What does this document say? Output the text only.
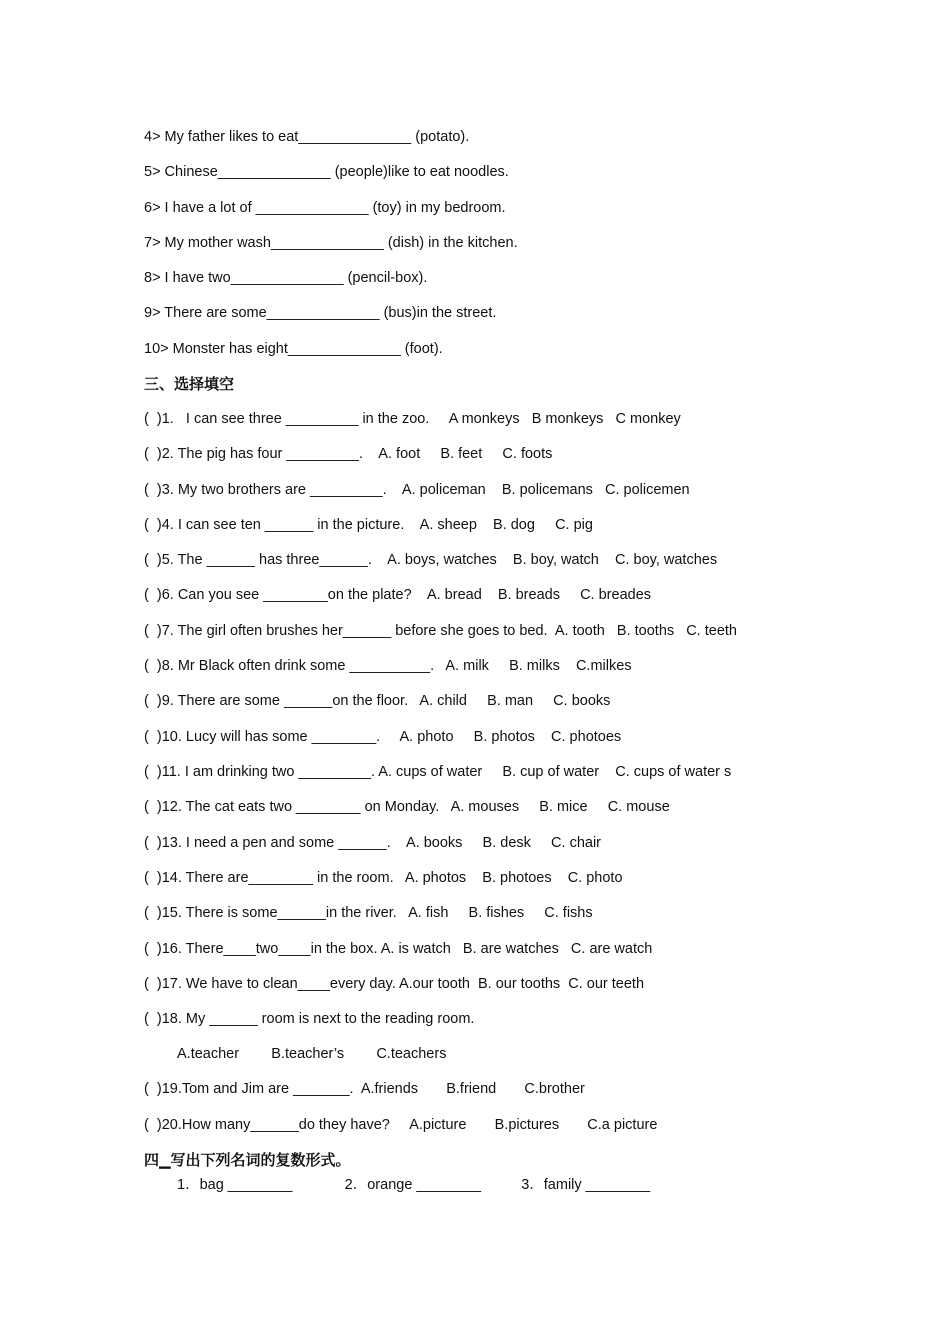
4> My father likes to eat______________ (potato).
5> Chinese______________ (people)like to eat noodles.
6> I have a lot of ______________ (toy) in my bedroom.
7> My mother wash______________ (dish) in the kitchen.
8> I have two______________ (pencil-box).
9> There are some______________ (bus)in the street.
10> Monster has eight______________ (foot).
三、选择填空
(  )1.   I can see three _________ in the zoo.     A monkeys   B monkeys   C monkey
(  )2. The pig has four _________.    A. foot     B. feet     C. foots
(  )3. My two brothers are _________.    A. policeman    B. policemans   C. policemen
(  )4. I can see ten ______ in the picture.    A. sheep    B. dog     C. pig
(  )5. The ______ has three______.    A. boys, watches    B. boy, watch    C. boy, watches
(  )6. Can you see ________on the plate?    A. bread    B. breads     C. breades
(  )7. The girl often brushes her______ before she goes to bed.  A. tooth   B. tooths   C. teeth
(  )8. Mr Black often drink some __________.   A. milk     B. milks    C.milkes
(  )9. There are some ______on the floor.   A. child     B. man     C. books
(  )10. Lucy will has some ________.     A. photo     B. photos    C. photoes
(  )11. I am drinking two _________. A. cups of water     B. cup of water    C. cups of water s
(  )12. The cat eats two ________ on Monday.   A. mouses     B. mice     C. mouse
(  )13. I need a pen and some ______.    A. books     B. desk     C. chair
(  )14. There are________ in the room.   A. photos    B. photoes    C. photo
(  )15. There is some______in the river.   A. fish     B. fishes     C. fishs
(  )16. There____two____in the box. A. is watch   B. are watches   C. are watch
(  )17. We have to clean____every day. A.our tooth  B. our tooths  C. our teeth
(  )18. My ______ room is next to the reading room.
A.teacher        B.teacher’s        C.teachers
(  )19.Tom and Jim are _______.  A.friends       B.friend       C.brother
(  )20.How many______do they have?     A.picture       B.pictures       C.a picture
四▁写出下列名词的复数形式。
1．bag ________             2．orange ________          3．family ________
